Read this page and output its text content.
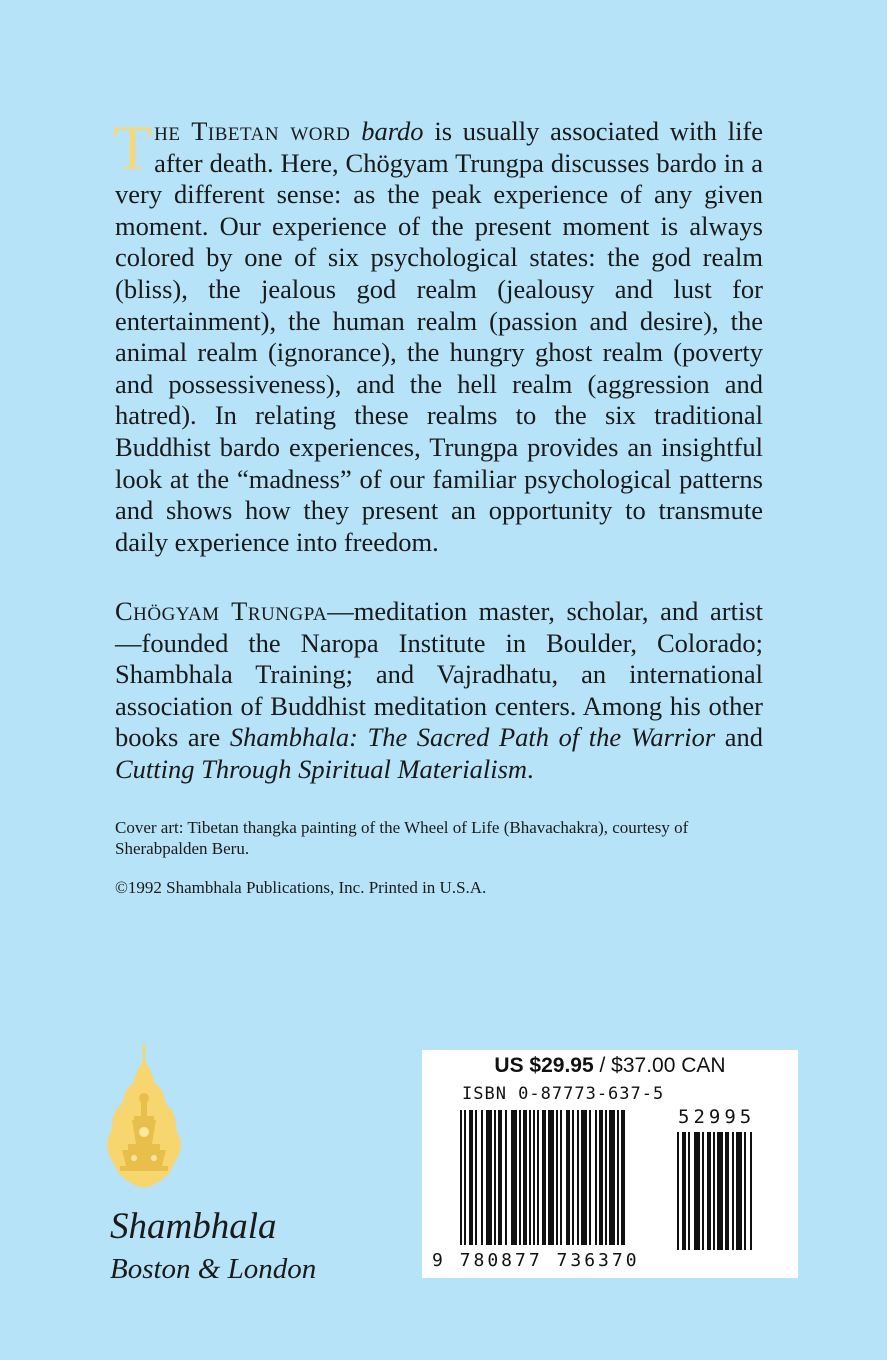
The Tibetan word bardo is usually associated with life after death. Here, Chögyam Trungpa discusses bardo in a very different sense: as the peak experience of any given moment. Our experience of the present moment is always colored by one of six psychological states: the god realm (bliss), the jealous god realm (jealousy and lust for entertainment), the human realm (passion and desire), the animal realm (ignorance), the hungry ghost realm (poverty and possessiveness), and the hell realm (aggression and hatred). In relating these realms to the six traditional Buddhist bardo experiences, Trungpa provides an insightful look at the “madness” of our familiar psychological patterns and shows how they present an opportunity to transmute daily experience into freedom.

Chögyam Trungpa—meditation master, scholar, and artist—founded the Naropa Institute in Boulder, Colorado; Shambhala Training; and Vajradhatu, an international association of Buddhist meditation centers. Among his other books are Shambhala: The Sacred Path of the Warrior and Cutting Through Spiritual Materialism.

Cover art: Tibetan thangka painting of the Wheel of Life (Bhavachakra), courtesy of Sherabpalden Beru.

©1992 Shambhala Publications, Inc. Printed in U.S.A.

Shambhala

Boston & London

US $29.95 / $37.00 CAN
ISBN 0-87773-637-5
52995
9 780877 736370
